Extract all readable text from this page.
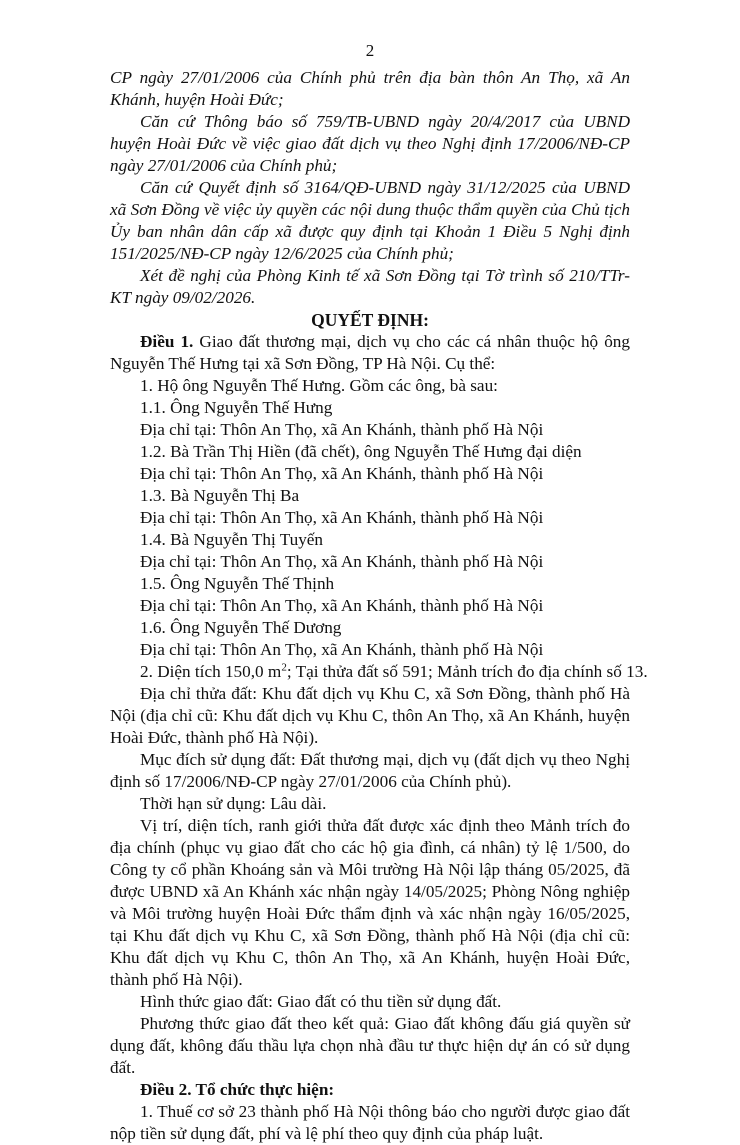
2

CP ngày 27/01/2006 của Chính phủ trên địa bàn thôn An Thọ, xã An Khánh, huyện Hoài Đức;

Căn cứ Thông báo số 759/TB-UBND ngày 20/4/2017 của UBND huyện Hoài Đức về việc giao đất dịch vụ theo Nghị định 17/2006/NĐ-CP ngày 27/01/2006 của Chính phủ;

Căn cứ Quyết định số 3164/QĐ-UBND ngày 31/12/2025 của UBND xã Sơn Đồng về việc ủy quyền các nội dung thuộc thẩm quyền của Chủ tịch Ủy ban nhân dân cấp xã được quy định tại Khoản 1 Điều 5 Nghị định 151/2025/NĐ-CP ngày 12/6/2025 của Chính phủ;

Xét đề nghị của Phòng Kinh tế xã Sơn Đồng tại Tờ trình số 210/TTr-KT ngày 09/02/2026.

QUYẾT ĐỊNH:

Điều 1. Giao đất thương mại, dịch vụ cho các cá nhân thuộc hộ ông Nguyễn Thế Hưng tại xã Sơn Đồng, TP Hà Nội. Cụ thể:

1. Hộ ông Nguyễn Thế Hưng. Gồm các ông, bà sau:

1.1. Ông Nguyễn Thế Hưng

Địa chỉ tại: Thôn An Thọ, xã An Khánh, thành phố Hà Nội

1.2. Bà Trần Thị Hiền (đã chết), ông Nguyễn Thế Hưng đại diện

Địa chỉ tại: Thôn An Thọ, xã An Khánh, thành phố Hà Nội

1.3. Bà Nguyễn Thị Ba

Địa chỉ tại: Thôn An Thọ, xã An Khánh, thành phố Hà Nội

1.4. Bà Nguyễn Thị Tuyến

Địa chỉ tại: Thôn An Thọ, xã An Khánh, thành phố Hà Nội

1.5. Ông Nguyễn Thế Thịnh

Địa chỉ tại: Thôn An Thọ, xã An Khánh, thành phố Hà Nội

1.6. Ông Nguyễn Thế Dương

Địa chỉ tại: Thôn An Thọ, xã An Khánh, thành phố Hà Nội

2. Diện tích 150,0 $m^2$; Tại thửa đất số 591; Mảnh trích đo địa chính số 13.

Địa chỉ thửa đất: Khu đất dịch vụ Khu C, xã Sơn Đồng, thành phố Hà Nội (địa chỉ cũ: Khu đất dịch vụ Khu C, thôn An Thọ, xã An Khánh, huyện Hoài Đức, thành phố Hà Nội).

Mục đích sử dụng đất: Đất thương mại, dịch vụ (đất dịch vụ theo Nghị định số 17/2006/NĐ-CP ngày 27/01/2006 của Chính phủ).

Thời hạn sử dụng: Lâu dài.

Vị trí, diện tích, ranh giới thửa đất được xác định theo Mảnh trích đo địa chính (phục vụ giao đất cho các hộ gia đình, cá nhân) tỷ lệ 1/500, do Công ty cổ phần Khoáng sản và Môi trường Hà Nội lập tháng 05/2025, đã được UBND xã An Khánh xác nhận ngày 14/05/2025; Phòng Nông nghiệp và Môi trường huyện Hoài Đức thẩm định và xác nhận ngày 16/05/2025, tại Khu đất dịch vụ Khu C, xã Sơn Đồng, thành phố Hà Nội (địa chỉ cũ: Khu đất dịch vụ Khu C, thôn An Thọ, xã An Khánh, huyện Hoài Đức, thành phố Hà Nội).

Hình thức giao đất: Giao đất có thu tiền sử dụng đất.

Phương thức giao đất theo kết quả: Giao đất không đấu giá quyền sử dụng đất, không đấu thầu lựa chọn nhà đầu tư thực hiện dự án có sử dụng đất.

Điều 2. Tổ chức thực hiện:

1. Thuế cơ sở 23 thành phố Hà Nội thông báo cho người được giao đất nộp tiền sử dụng đất, phí và lệ phí theo quy định của pháp luật.
